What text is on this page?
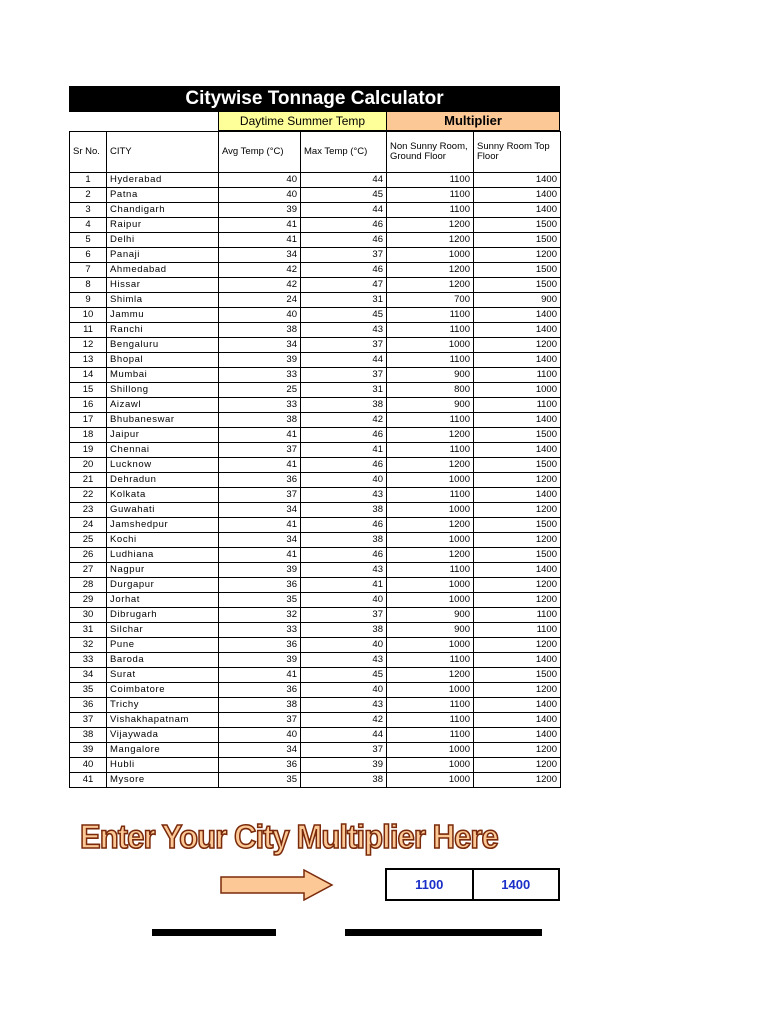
Citywise Tonnage Calculator
Daytime Summer Temp	Multiplier
Sr No.	CITY	Avg Temp (°C)	Max Temp (°C)	Non Sunny Room, Ground Floor	Sunny Room Top Floor
1	Hyderabad	40	44	1100	1400
2	Patna	40	45	1100	1400
3	Chandigarh	39	44	1100	1400
4	Raipur	41	46	1200	1500
5	Delhi	41	46	1200	1500
6	Panaji	34	37	1000	1200
7	Ahmedabad	42	46	1200	1500
8	Hissar	42	47	1200	1500
9	Shimla	24	31	700	900
10	Jammu	40	45	1100	1400
11	Ranchi	38	43	1100	1400
12	Bengaluru	34	37	1000	1200
13	Bhopal	39	44	1100	1400
14	Mumbai	33	37	900	1100
15	Shillong	25	31	800	1000
16	Aizawl	33	38	900	1100
17	Bhubaneswar	38	42	1100	1400
18	Jaipur	41	46	1200	1500
19	Chennai	37	41	1100	1400
20	Lucknow	41	46	1200	1500
21	Dehradun	36	40	1000	1200
22	Kolkata	37	43	1100	1400
23	Guwahati	34	38	1000	1200
24	Jamshedpur	41	46	1200	1500
25	Kochi	34	38	1000	1200
26	Ludhiana	41	46	1200	1500
27	Nagpur	39	43	1100	1400
28	Durgapur	36	41	1000	1200
29	Jorhat	35	40	1000	1200
30	Dibrugarh	32	37	900	1100
31	Silchar	33	38	900	1100
32	Pune	36	40	1000	1200
33	Baroda	39	43	1100	1400
34	Surat	41	45	1200	1500
35	Coimbatore	36	40	1000	1200
36	Trichy	38	43	1100	1400
37	Vishakhapatnam	37	42	1100	1400
38	Vijaywada	40	44	1100	1400
39	Mangalore	34	37	1000	1200
40	Hubli	36	39	1000	1200
41	Mysore	35	38	1000	1200
Enter Your City Multiplier Here
1100	1400
